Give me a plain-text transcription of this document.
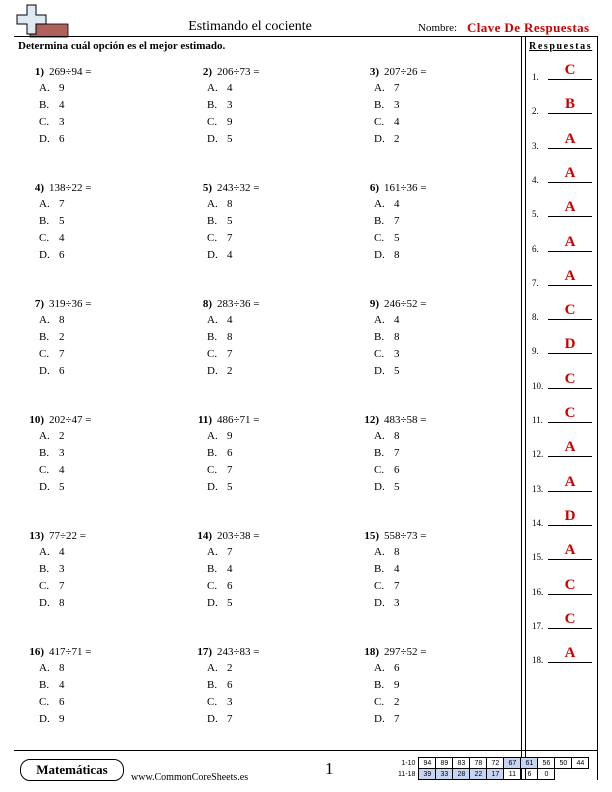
Estimando el cociente	Nombre: Clave De Respuestas
Determina cuál opción es el mejor estimado.	Respuestas
1.	C
2.	B
3.	A
4.	A
5.	A
6.	A
7.	A
8.	C
9.	D
10.	C
11.	C
12.	A
13.	A
14.	D
15.	A
16.	C
17.	C
18.	A
1) 269÷94 =
A. 9
B. 4
C. 3
D. 6
2) 206÷73 =
A. 4
B. 3
C. 9
D. 5
3) 207÷26 =
A. 7
B. 3
C. 4
D. 2
4) 138÷22 =
A. 7
B. 5
C. 4
D. 6
5) 243÷32 =
A. 8
B. 5
C. 7
D. 4
6) 161÷36 =
A. 4
B. 7
C. 5
D. 8
7) 319÷36 =
A. 8
B. 2
C. 7
D. 6
8) 283÷36 =
A. 4
B. 8
C. 7
D. 2
9) 246÷52 =
A. 4
B. 8
C. 3
D. 5
10) 202÷47 =
A. 2
B. 3
C. 4
D. 5
11) 486÷71 =
A. 9
B. 6
C. 7
D. 5
12) 483÷58 =
A. 8
B. 7
C. 6
D. 5
13) 77÷22 =
A. 4
B. 3
C. 7
D. 8
14) 203÷38 =
A. 7
B. 4
C. 6
D. 5
15) 558÷73 =
A. 8
B. 4
C. 7
D. 3
16) 417÷71 =
A. 8
B. 4
C. 6
D. 9
17) 243÷83 =
A. 2
B. 6
C. 3
D. 7
18) 297÷52 =
A. 6
B. 9
C. 2
D. 7
Matemáticas
www.CommonCoreSheets.es	1	1-10	94	89	83	78	72	67	61	56	50	44
11-18	39	33	28	22	17	11	6	0		
